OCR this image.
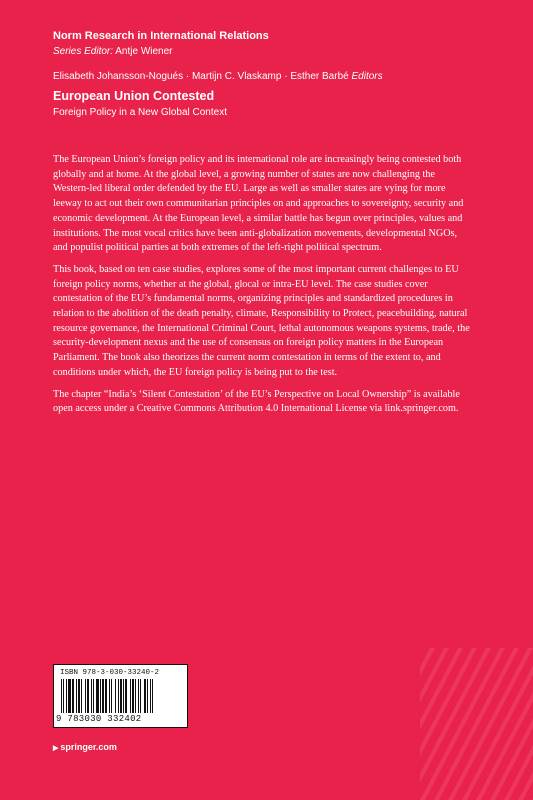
Norm Research in International Relations
Series Editor: Antje Wiener
Elisabeth Johansson-Nogués · Martijn C. Vlaskamp · Esther Barbé Editors
European Union Contested
Foreign Policy in a New Global Context

The European Union’s foreign policy and its international role are increasingly being contested both globally and at home. At the global level, a growing number of states are now challenging the Western-led liberal order defended by the EU. Large as well as smaller states are vying for more leeway to act out their own communitarian principles on and approaches to sovereignty, security and economic development. At the European level, a similar battle has begun over principles, values and institutions. The most vocal critics have been anti-globalization movements, developmental NGOs, and populist political parties at both extremes of the left-right political spectrum.

This book, based on ten case studies, explores some of the most important current challenges to EU foreign policy norms, whether at the global, glocal or intra-EU level. The case studies cover contestation of the EU’s fundamental norms, organizing principles and standardized procedures in relation to the abolition of the death penalty, climate, Responsibility to Protect, peacebuilding, natural resource governance, the International Criminal Court, lethal autonomous weapons systems, trade, the security-development nexus and the use of consensus on foreign policy matters in the European Parliament. The book also theorizes the current norm contestation in terms of the extent to, and conditions under which, the EU foreign policy is being put to the test.

The chapter “India’s ‘Silent Contestation’ of the EU’s Perspective on Local Ownership” is available open access under a Creative Commons Attribution 4.0 International License via link.springer.com.

ISBN 978-3-030-33240-2
9 783030 332402
▶ springer.com
